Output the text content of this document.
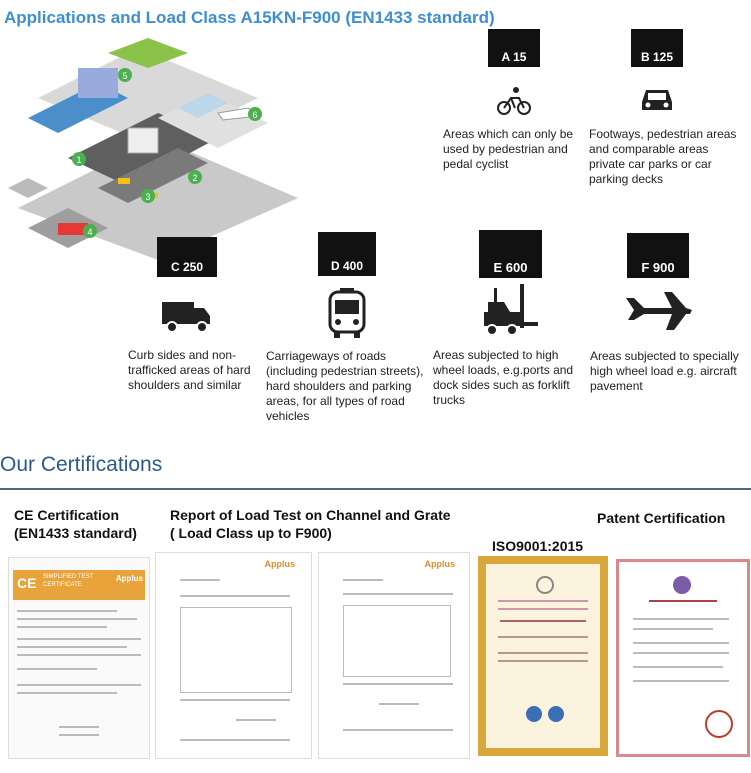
Applications and Load Class A15KN-F900 (EN1433 standard)
5
6
1
2
3
4
A 15
Areas which can only be used by pedestrian and pedal cyclist
B 125
Footways, pedestrian areas and comparable areas private car parks or car parking decks
C 250
Curb sides and non-trafficked areas of hard shoulders and similar
D 400
Carriageways of roads (including pedestrian streets), hard shoulders and parking areas, for all types of road vehicles
E 600
Areas subjected to high wheel loads, e.g.ports and dock sides such as forklift trucks
F 900
Areas subjected to specially high wheel load e.g. aircraft pavement
Our Certifications
CE Certification
(EN1433 standard)
Report of Load Test on Channel and Grate
( Load Class up to F900)
ISO9001:2015
Patent Certification
CE SIMPLIFIED TEST
CERTIFICATE
Applus
Applus	Applus
